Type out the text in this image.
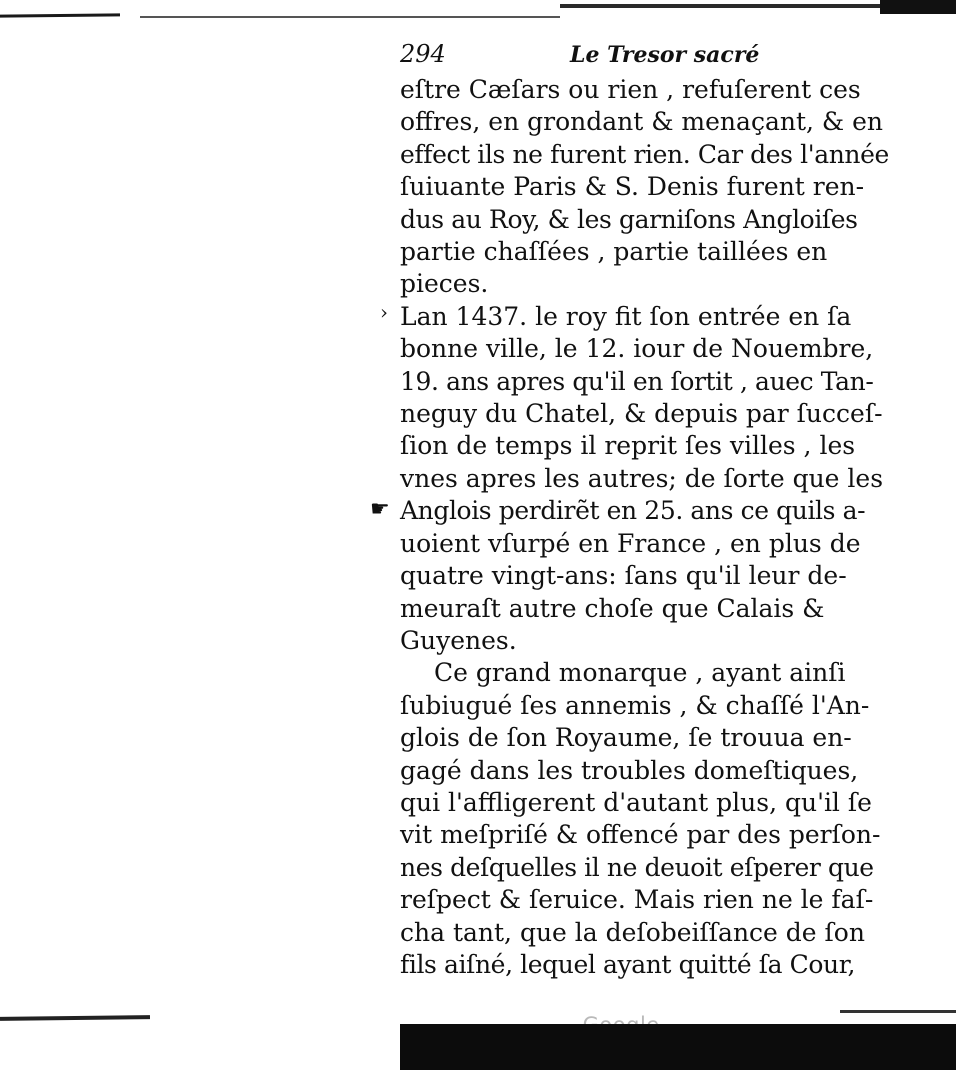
›
☛
294	Le Tresor sacré
eſtre Cæſars ou rien , refuſerent ces
offres, en grondant & menaçant, & en
effect ils ne furent rien. Car des l'année
ſuiuante Paris & S. Denis furent ren-
dus au Roy, & les garniſons Angloiſes
partie chaſſées , partie taillées en
pieces.
Lan 1437. le roy fit ſon entrée en ſa
bonne ville, le 12. iour de Nouembre,
19. ans apres qu'il en ſortit , auec Tan-
neguy du Chatel, & depuis par ſucceſ-
ſion de temps il reprit ſes villes , les
vnes apres les autres; de ſorte que les
Anglois perdirẽt en 25. ans ce quils a-
uoient vſurpé en France , en plus de
quatre vingt-ans: ſans qu'il leur de-
meuraſt autre choſe que Calais &
Guyenes.
Ce grand monarque , ayant ainſi
ſubiugué ſes annemis , & chaſſé l'An-
glois de ſon Royaume, ſe trouua en-
gagé dans les troubles domeſtiques,
qui l'affligerent d'autant plus, qu'il ſe
vit meſpriſé & offencé par des perſon-
nes deſquelles il ne deuoit eſperer que
reſpect & ſeruice. Mais rien ne le faſ-
cha tant, que la deſobeiſſance de ſon
fils aiſné, lequel ayant quitté ſa Cour,
